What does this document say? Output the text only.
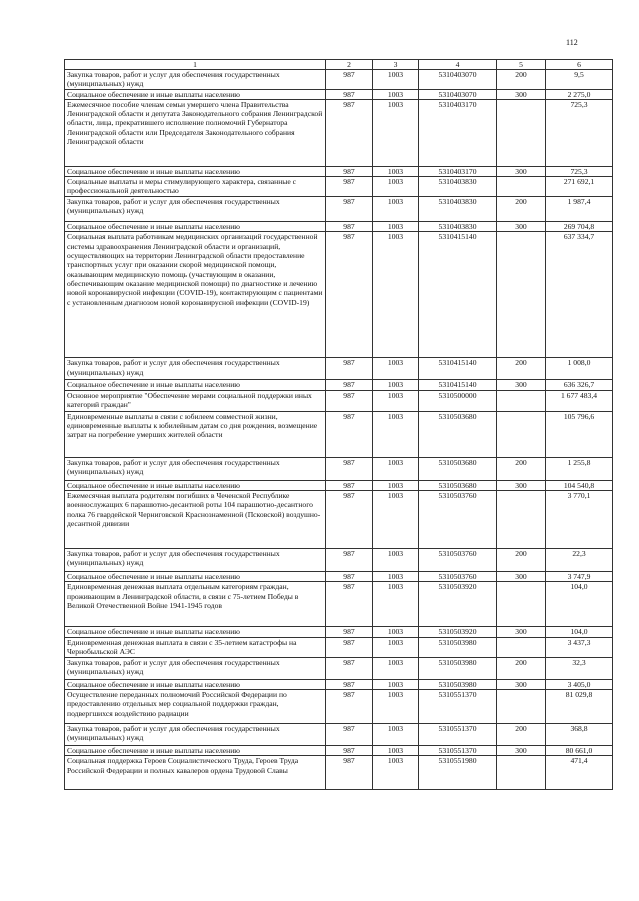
112
1	2	3	4	5	6
Закупка товаров, работ и услуг для обеспечения государственных (муниципальных) нужд	987	1003	5310403070	200	9,5
Социальное обеспечение и иные выплаты населению	987	1003	5310403070	300	2 275,0
Ежемесячное пособие членам семьи умершего члена Правительства Ленинградской области и депутата Законодательного собрания Ленинградской области, лица, прекратившего исполнение полномочий Губернатора Ленинградской области или Председателя Законодательного собрания Ленинградской области	987	1003	5310403170		725,3
Социальное обеспечение и иные выплаты населению	987	1003	5310403170	300	725,3
Социальные выплаты и меры стимулирующего характера, связанные с профессиональной деятельностью	987	1003	5310403830		271 692,1
Закупка товаров, работ и услуг для обеспечения государственных (муниципальных) нужд	987	1003	5310403830	200	1 987,4
Социальное обеспечение и иные выплаты населению	987	1003	5310403830	300	269 704,8
Социальная выплата работникам медицинских организаций государственной системы здравоохранения Ленинградской области и организаций, осуществляющих на территории Ленинградской области предоставление транспортных услуг при оказании скорой медицинской помощи, оказывающим медицинскую помощь (участвующим в оказании, обеспечивающим оказание медицинской помощи) по диагностике и лечению новой коронавирусной инфекции (COVID-19), контактирующим с пациентами с установленным диагнозом новой коронавирусной инфекции (COVID-19)	987	1003	5310415140		637 334,7
Закупка товаров, работ и услуг для обеспечения государственных (муниципальных) нужд	987	1003	5310415140	200	1 008,0
Социальное обеспечение и иные выплаты населению	987	1003	5310415140	300	636 326,7
Основное мероприятие "Обеспечение мерами социальной поддержки иных категорий граждан"	987	1003	5310500000		1 677 483,4
Единовременные выплаты в связи с юбилеем совместной жизни, единовременные выплаты к юбилейным датам со дня рождения, возмещение затрат на погребение умерших жителей области	987	1003	5310503680		105 796,6
Закупка товаров, работ и услуг для обеспечения государственных (муниципальных) нужд	987	1003	5310503680	200	1 255,8
Социальное обеспечение и иные выплаты населению	987	1003	5310503680	300	104 540,8
Ежемесячная выплата родителям погибших в Чеченской Республике военнослужащих 6 парашютно-десантной роты 104 парашютно-десантного полка 76 гвардейской Черниговской Краснознаменной (Псковской) воздушно-десантной дивизии	987	1003	5310503760		3 770,1
Закупка товаров, работ и услуг для обеспечения государственных (муниципальных) нужд	987	1003	5310503760	200	22,3
Социальное обеспечение и иные выплаты населению	987	1003	5310503760	300	3 747,9
Единовременная денежная выплата отдельным категориям граждан, проживающим в Ленинградской области, в связи с 75-летием Победы в Великой Отечественной Войне 1941-1945 годов	987	1003	5310503920		104,0
Социальное обеспечение и иные выплаты населению	987	1003	5310503920	300	104,0
Единовременная денежная выплата в связи с 35-летием катастрофы на Чернобыльской АЭС	987	1003	5310503980		3 437,3
Закупка товаров, работ и услуг для обеспечения государственных (муниципальных) нужд	987	1003	5310503980	200	32,3
Социальное обеспечение и иные выплаты населению	987	1003	5310503980	300	3 405,0
Осуществление переданных полномочий Российской Федерации по предоставлению отдельных мер социальной поддержки граждан, подвергшихся воздействию радиации	987	1003	5310551370		81 029,8
Закупка товаров, работ и услуг для обеспечения государственных (муниципальных) нужд	987	1003	5310551370	200	368,8
Социальное обеспечение и иные выплаты населению	987	1003	5310551370	300	80 661,0
Социальная поддержка Героев Социалистического Труда, Героев Труда Российской Федерации и полных кавалеров ордена Трудовой Славы	987	1003	5310551980		471,4
